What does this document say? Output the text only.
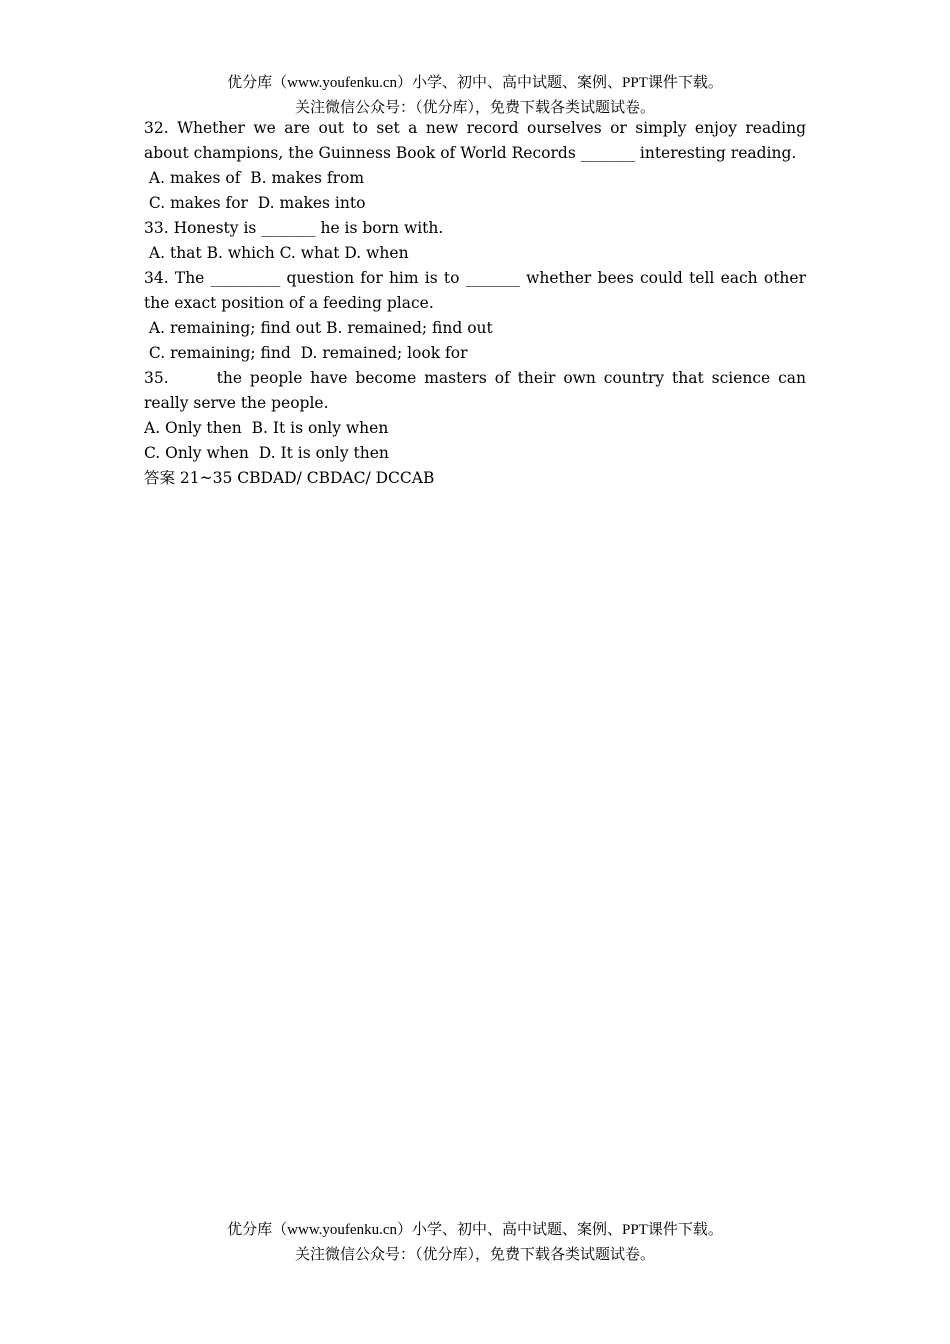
优分库（www.youfenku.cn）小学、初中、高中试题、案例、PPT课件下载。
关注微信公众号：（优分库），免费下载各类试题试卷。

32. Whether we are out to set a new record ourselves or simply enjoy reading about champions, the Guinness Book of World Records _______ interesting reading.

A. makes of  B. makes from

C. makes for  D. makes into

33. Honesty is _______ he is born with.

A. that B. which C. what D. when

34. The _________ question for him is to _______ whether bees could tell each other the exact position of a feeding place.

A. remaining; find out B. remained; find out

C. remaining; find  D. remained; look for

35.	the people have become masters of their own country that science can really serve the people.

A. Only then  B. It is only when

C. Only when  D. It is only then

答案 21~35 CBDAD/ CBDAC/ DCCAB

优分库（www.youfenku.cn）小学、初中、高中试题、案例、PPT课件下载。
关注微信公众号：（优分库），免费下载各类试题试卷。
